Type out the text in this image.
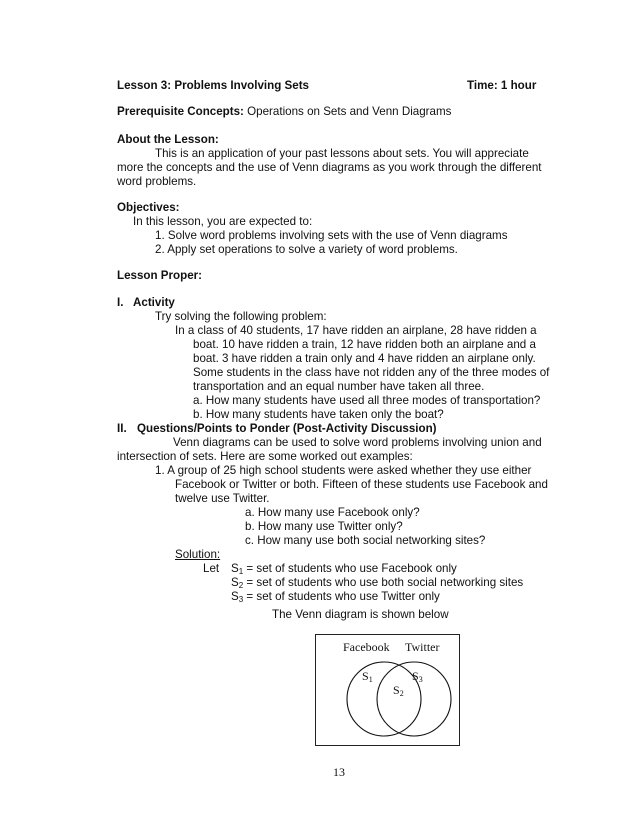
Lesson 3: Problems Involving Sets	Time: 1 hour
Prerequisite Concepts: Operations on Sets and Venn Diagrams
About the Lesson:
This is an application of your past lessons about sets. You will appreciate
more the concepts and the use of Venn diagrams as you work through the different
word problems.
Objectives:
In this lesson, you are expected to:
1. Solve word problems involving sets with the use of Venn diagrams
2. Apply set operations to solve a variety of word problems.
Lesson Proper:
I. Activity
Try solving the following problem:
In a class of 40 students, 17 have ridden an airplane, 28 have ridden a
boat. 10 have ridden a train, 12 have ridden both an airplane and a
boat. 3 have ridden a train only and 4 have ridden an airplane only.
Some students in the class have not ridden any of the three modes of
transportation and an equal number have taken all three.
a. How many students have used all three modes of transportation?
b. How many students have taken only the boat?
II. Questions/Points to Ponder (Post-Activity Discussion)
Venn diagrams can be used to solve word problems involving union and
intersection of sets. Here are some worked out examples:
1. A group of 25 high school students were asked whether they use either
Facebook or Twitter or both. Fifteen of these students use Facebook and
twelve use Twitter.
a. How many use Facebook only?
b. How many use Twitter only?
c. How many use both social networking sites?
Solution:
Let $S_1$ = set of students who use Facebook only
$S_2$ = set of students who use both social networking sites
$S_3$ = set of students who use Twitter only
The Venn diagram is shown below
Facebook Twitter
$S_1$
$S_2$
$S_3$
13
